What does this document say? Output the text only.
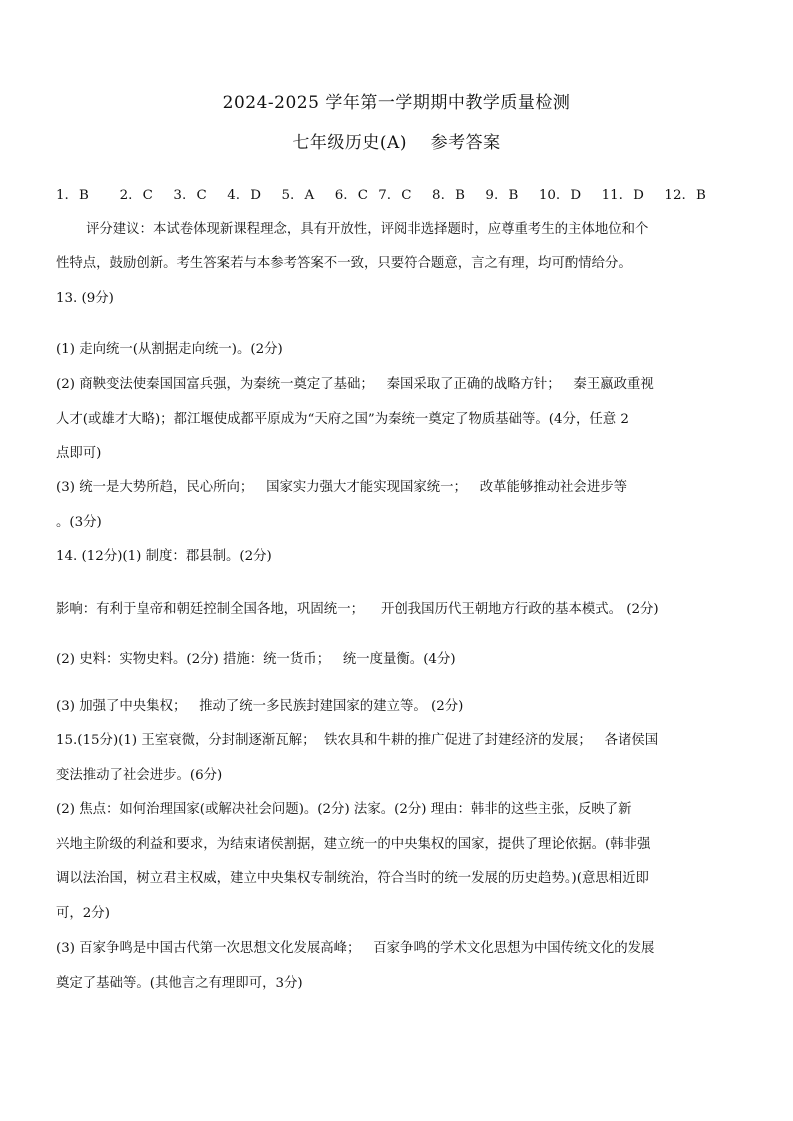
2024-2025 学年第一学期期中教学质量检测
七年级历史(A)    参考答案
1. B   2. C  3. C  4. D  5. A  6. C 7. C  8. B  9. B  10. D  11. D  12. B
评分建议：本试卷体现新课程理念，具有开放性，评阅非选择题时，应尊重考生的主体地位和个
性特点，鼓励创新。考生答案若与本参考答案不一致，只要符合题意，言之有理，均可酌情给分。
13. (9分)
(1) 走向统一(从割据走向统一)。(2分)
(2) 商鞅变法使秦国国富兵强，为秦统一奠定了基础；   秦国采取了正确的战略方针；   秦王嬴政重视
人才(或雄才大略)；都江堰使成都平原成为“天府之国”为秦统一奠定了物质基础等。(4分，任意 2
点即可)
(3) 统一是大势所趋，民心所向；   国家实力强大才能实现国家统一；   改革能够推动社会进步等
。(3分)
14. (12分)(1) 制度：郡县制。(2分)
影响：有利于皇帝和朝廷控制全国各地，巩固统一；    开创我国历代王朝地方行政的基本模式。 (2分)
(2) 史料：实物史料。(2分) 措施：统一货币；   统一度量衡。(4分)
(3) 加强了中央集权；   推动了统一多民族封建国家的建立等。 (2分)
15.(15分)(1) 王室衰微，分封制逐渐瓦解；  铁农具和牛耕的推广促进了封建经济的发展；   各诸侯国
变法推动了社会进步。(6分)
(2) 焦点：如何治理国家(或解决社会问题)。(2分) 法家。(2分) 理由：韩非的这些主张，反映了新
兴地主阶级的利益和要求，为结束诸侯割据，建立统一的中央集权的国家，提供了理论依据。(韩非强
调以法治国，树立君主权威，建立中央集权专制统治，符合当时的统一发展的历史趋势。)(意思相近即
可，2分)
(3) 百家争鸣是中国古代第一次思想文化发展高峰；   百家争鸣的学术文化思想为中国传统文化的发展
奠定了基础等。(其他言之有理即可，3分)
